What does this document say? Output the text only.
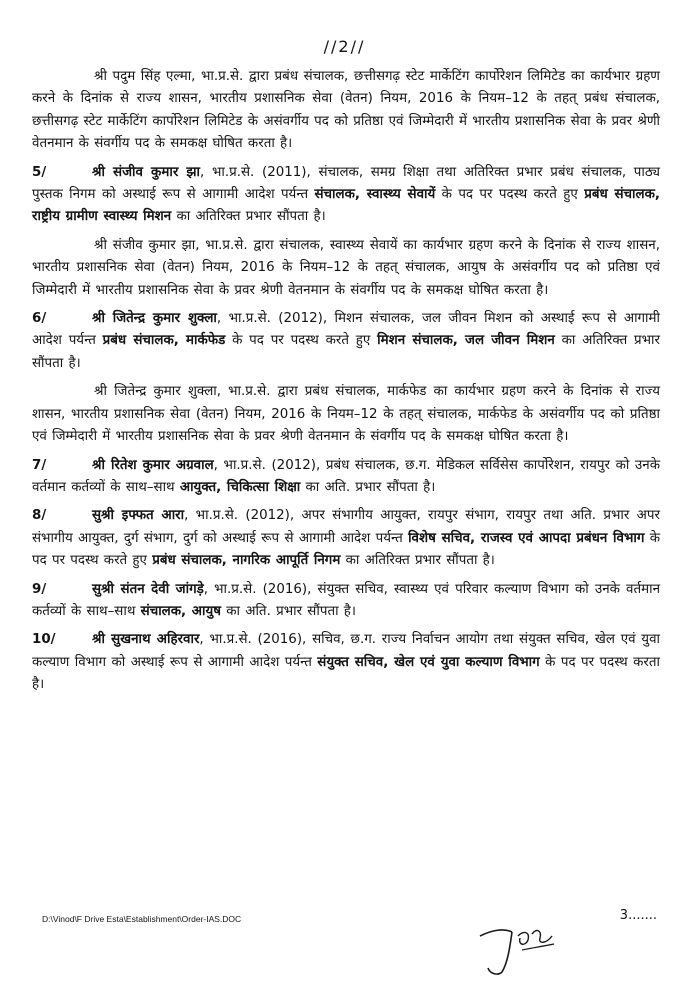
//2//

श्री पदुम सिंह एल्मा, भा.प्र.से. द्वारा प्रबंध संचालक, छत्तीसगढ़ स्टेट मार्केटिंग कार्पोरेशन लिमिटेड का कार्यभार ग्रहण करने के दिनांक से राज्य शासन, भारतीय प्रशासनिक सेवा (वेतन) नियम, 2016 के नियम–12 के तहत् प्रबंध संचालक, छत्तीसगढ़ स्टेट मार्केटिंग कार्पोरेशन लिमिटेड के असंवर्गीय पद को प्रतिष्ठा एवं जिम्मेदारी में भारतीय प्रशासनिक सेवा के प्रवर श्रेणी वेतनमान के संवर्गीय पद के समकक्ष घोषित करता है।

5/	श्री संजीव कुमार झा, भा.प्र.से. (2011), संचालक, समग्र शिक्षा तथा अतिरिक्त प्रभार प्रबंध संचालक, पाठ्य पुस्तक निगम को अस्थाई रूप से आगामी आदेश पर्यन्त संचालक, स्वास्थ्य सेवायें के पद पर पदस्थ करते हुए प्रबंध संचालक, राष्ट्रीय ग्रामीण स्वास्थ्य मिशन का अतिरिक्त प्रभार सौंपता है।

श्री संजीव कुमार झा, भा.प्र.से. द्वारा संचालक, स्वास्थ्य सेवायें का कार्यभार ग्रहण करने के दिनांक से राज्य शासन, भारतीय प्रशासनिक सेवा (वेतन) नियम, 2016 के नियम–12 के तहत् संचालक, आयुष के असंवर्गीय पद को प्रतिष्ठा एवं जिम्मेदारी में भारतीय प्रशासनिक सेवा के प्रवर श्रेणी वेतनमान के संवर्गीय पद के समकक्ष घोषित करता है।

6/	श्री जितेन्द्र कुमार शुक्ला, भा.प्र.से. (2012), मिशन संचालक, जल जीवन मिशन को अस्थाई रूप से आगामी आदेश पर्यन्त प्रबंध संचालक, मार्कफेड के पद पर पदस्थ करते हुए मिशन संचालक, जल जीवन मिशन का अतिरिक्त प्रभार सौंपता है।

श्री जितेन्द्र कुमार शुक्ला, भा.प्र.से. द्वारा प्रबंध संचालक, मार्कफेड का कार्यभार ग्रहण करने के दिनांक से राज्य शासन, भारतीय प्रशासनिक सेवा (वेतन) नियम, 2016 के नियम–12 के तहत् संचालक, मार्कफेड के असंवर्गीय पद को प्रतिष्ठा एवं जिम्मेदारी में भारतीय प्रशासनिक सेवा के प्रवर श्रेणी वेतनमान के संवर्गीय पद के समकक्ष घोषित करता है।

7/	श्री रितेश कुमार अग्रवाल, भा.प्र.से. (2012), प्रबंध संचालक, छ.ग. मेडिकल सर्विसेस कार्पोरेशन, रायपुर को उनके वर्तमान कर्तव्यों के साथ–साथ आयुक्त, चिकित्सा शिक्षा का अति. प्रभार सौंपता है।

8/	सुश्री इफ्फत आरा, भा.प्र.से. (2012), अपर संभागीय आयुक्त, रायपुर संभाग, रायपुर तथा अति. प्रभार अपर संभागीय आयुक्त, दुर्ग संभाग, दुर्ग को अस्थाई रूप से आगामी आदेश पर्यन्त विशेष सचिव, राजस्व एवं आपदा प्रबंधन विभाग के पद पर पदस्थ करते हुए प्रबंध संचालक, नागरिक आपूर्ति निगम का अतिरिक्त प्रभार सौंपता है।

9/	सुश्री संतन देवी जांगड़े, भा.प्र.से. (2016), संयुक्त सचिव, स्वास्थ्य एवं परिवार कल्याण विभाग को उनके वर्तमान कर्तव्यों के साथ–साथ संचालक, आयुष का अति. प्रभार सौंपता है।

10/	श्री सुखनाथ अहिरवार, भा.प्र.से. (2016), सचिव, छ.ग. राज्य निर्वाचन आयोग तथा संयुक्त सचिव, खेल एवं युवा कल्याण विभाग को अस्थाई रूप से आगामी आदेश पर्यन्त संयुक्त सचिव, खेल एवं युवा कल्याण विभाग के पद पर पदस्थ करता है।

3.......
D:\Vinod\F Drive Esta\Establishment\Order-IAS.DOC
